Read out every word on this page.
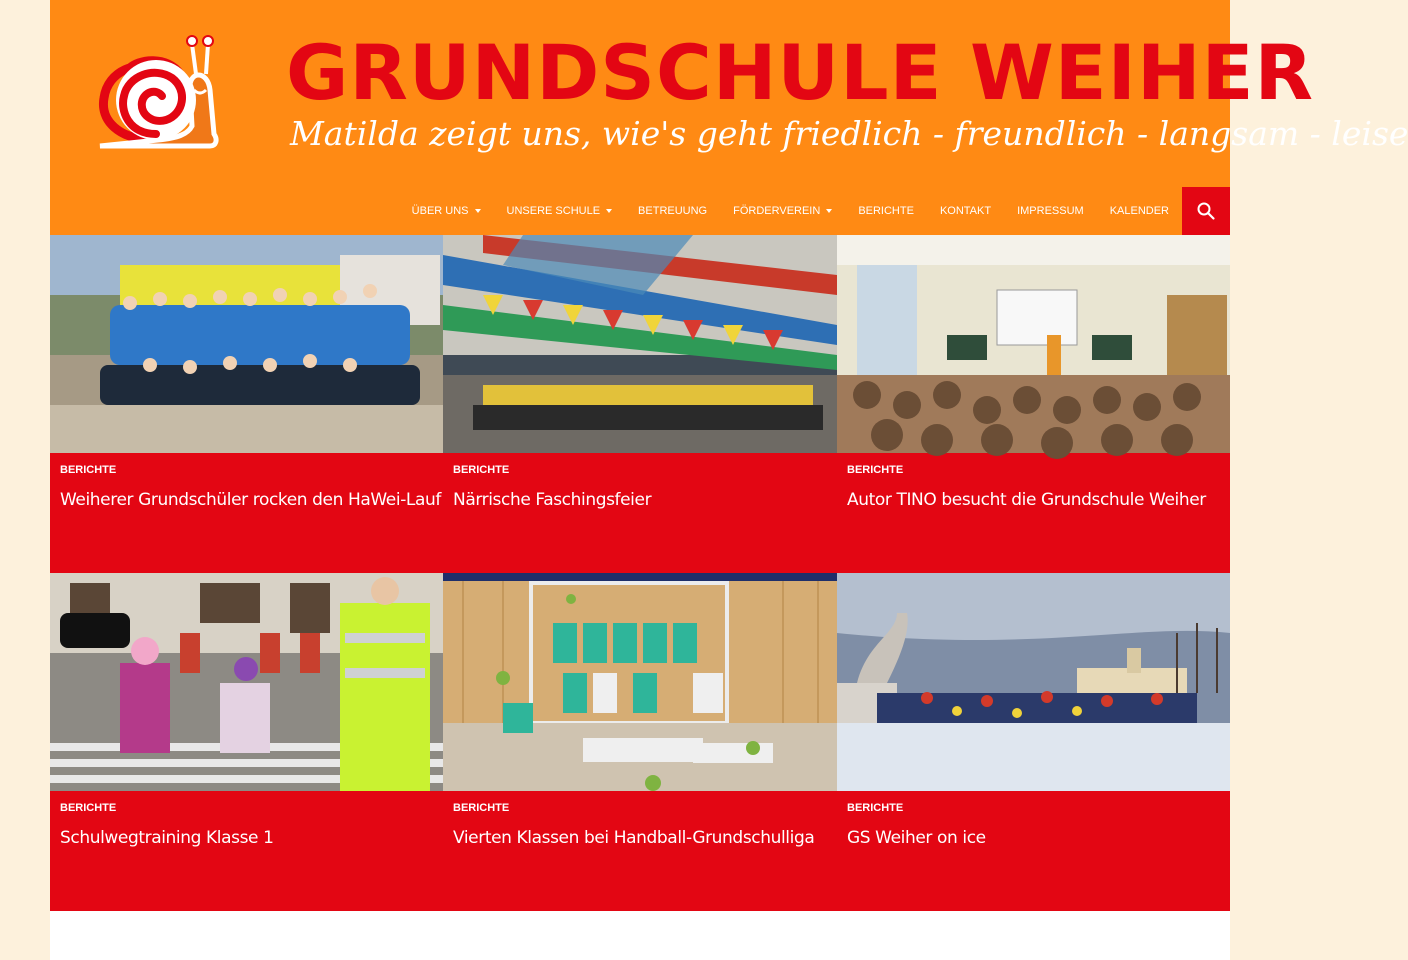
GRUNDSCHULE WEIHER
Matilda zeigt uns, wie's geht friedlich - freundlich - langsam - leise
ÜBER UNS	UNSERE SCHULE	BETREUUNG FÖRDERVEREIN	BERICHTE KONTAKT IMPRESSUM KALENDER
BERICHTE
Weiherer Grundschüler rocken den HaWei-Lauf
BERICHTE
Närrische Faschingsfeier
BERICHTE
Autor TINO besucht die Grundschule Weiher
BERICHTE
Schulwegtraining Klasse 1
BERICHTE
Vierten Klassen bei Handball-Grundschulliga
BERICHTE
GS Weiher on ice
